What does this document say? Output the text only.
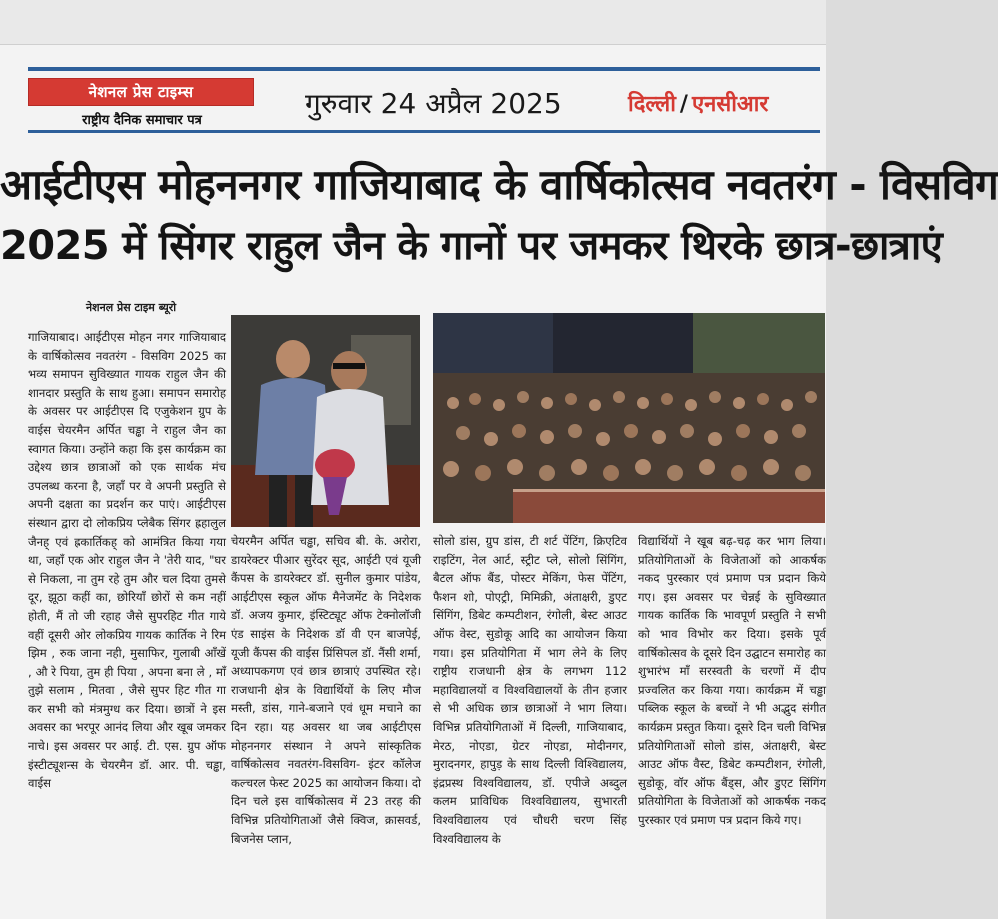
नेशनल प्रेस टाइम्स
राष्ट्रीय दैनिक समाचार पत्र
गुरुवार 24 अप्रैल 2025	दिल्ली / एनसीआर
आईटीएस मोहननगर गाजियाबाद के वार्षिकोत्सव नवतरंग - विसविग
2025 में सिंगर राहुल जैन के गानों पर जमकर थिरके छात्र-छात्राएं
नेशनल प्रेस टाइम ब्यूरो

गाजियाबाद। आईटीएस मोहन नगर गाजियाबाद के वार्षिकोत्सव नवतरंग - विसविग 2025 का भव्य समापन सुविख्यात गायक राहुल जैन की शानदार प्रस्तुति के साथ हुआ। समापन समारोह के अवसर पर आईटीएस दि एजुकेशन ग्रुप के वाईस चेयरमैन अर्पित चड्ढा ने राहुल जैन का स्वागत किया। उन्होंने कहा कि इस कार्यक्रम का उद्देश्य छात्र छात्राओं को एक सार्थक मंच उपलब्ध करना है, जहाँ पर वे अपनी प्रस्तुति से अपनी दक्षता का प्रदर्शन कर पाएं। आईटीएस संस्थान द्वारा दो लोकप्रिय प्लेबैक सिंगर ह्रहालुल जैनह् एवं ह्रकार्तिकह् को आमंत्रित किया गया था, जहाँ एक ओर राहुल जैन ने 'तेरी याद, "घर से निकला, ना तुम रहे तुम और चल दिया तुमसे दूर, झूठा कहीं का, छोरियाँ छोरों से कम नहीं होती, मैं तो जी रहाह जैसे सुपरहिट गीत गाये वहीं दूसरी ओर लोकप्रिय गायक कार्तिक ने रिम झिम , रुक जाना नही, मुसाफिर, गुलाबी आँखें , औ रे पिया, तुम ही पिया , अपना बना ले , माँ तुझे सलाम , मितवा , जैसे सुपर हिट गीत गा कर सभी को मंत्रमुग्ध कर दिया। छात्रों ने इस अवसर का भरपूर आनंद लिया और खूब जमकर नाचे। इस अवसर पर आई. टी. एस. ग्रुप ऑफ इंस्टीट्यूशन्स के चेयरमैन डॉ. आर. पी. चड्ढा, वाईस

चेयरमैन अर्पित चड्ढा, सचिव बी. के. अरोरा, डायरेक्टर पीआर सुरेंदर सूद, आईटी एवं यूजी कैंपस के डायरेक्टर डॉ. सुनील कुमार पांडेय, आईटीएस स्कूल ऑफ मैनेजमेंट के निदेशक डॉ. अजय कुमार, इंस्टिट्यूट ऑफ टेक्नोलॉजी एंड साइंस के निदेशक डॉ वी एन बाजपेई, यूजी कैंपस की वाईस प्रिंसिपल डॉ. नैंसी शर्मा, अध्यापकगण एवं छात्र छात्राएं उपस्थित रहे। राजधानी क्षेत्र के विद्यार्थियों के लिए मौज मस्ती, डांस, गाने-बजाने एवं धूम मचाने का दिन रहा। यह अवसर था जब आईटीएस मोहननगर संस्थान ने अपने सांस्कृतिक वार्षिकोत्सव नवतरंग-विसविग- इंटर कॉलेज कल्चरल फेस्ट 2025 का आयोजन किया। दो दिन चले इस वार्षिकोत्सव में 23 तरह की विभिन्न प्रतियोगिताओं जैसे क्विज, क्रासवर्ड, बिजनेस प्लान,

सोलो डांस, ग्रुप डांस, टी शर्ट पेंटिंग, क्रिएटिव राइटिंग, नेल आर्ट, स्ट्रीट प्ले, सोलो सिंगिंग, बैटल ऑफ बैंड, पोस्टर मेकिंग, फेस पेंटिंग, फैशन शो, पोएट्री, मिमिक्री, अंताक्षरी, डुएट सिंगिंग, डिबेट कम्पटीशन, रंगोली, बेस्ट आउट ऑफ वेस्ट, सुडोकू आदि का आयोजन किया गया। इस प्रतियोगिता में भाग लेने के लिए राष्ट्रीय राजधानी क्षेत्र के लगभग 112 महाविद्यालयों व विश्वविद्यालयों के तीन हजार से भी अधिक छात्र छात्राओं ने भाग लिया। विभिन्न प्रतियोगिताओं में दिल्ली, गाजियाबाद, मेरठ, नोएडा, ग्रेटर नोएडा, मोदीनगर, मुरादनगर, हापुड़ के साथ दिल्ली विश्विद्यालय, इंद्रप्रस्थ विश्वविद्यालय, डॉ. एपीजे अब्दुल कलम प्राविधिक विश्वविद्यालय, सुभारती विश्वविद्यालय एवं चौधरी चरण सिंह विश्वविद्यालय के

विद्यार्थियों ने खूब बढ़-चढ़ कर भाग लिया। प्रतियोगिताओं के विजेताओं को आकर्षक नकद पुरस्कार एवं प्रमाण पत्र प्रदान किये गए। इस अवसर पर चेन्नई के सुविख्यात गायक कार्तिक कि भावपूर्ण प्रस्तुति ने सभी को भाव विभोर कर दिया। इसके पूर्व वार्षिकोत्सव के दूसरे दिन उद्घाटन समारोह का शुभारंभ माँ सरस्वती के चरणों में दीप प्रज्वलित कर किया गया। कार्यक्रम में चड्ढा पब्लिक स्कूल के बच्चों ने भी अद्भुद संगीत कार्यक्रम प्रस्तुत किया। दूसरे दिन चली विभिन्न प्रतियोगिताओं सोलो डांस, अंताक्षरी, बेस्ट आउट ऑफ वैस्ट, डिबेट कम्पटीशन, रंगोली, सुडोकू, वॉर ऑफ बैंड्स, और डुएट सिंगिंग प्रतियोगिता के विजेताओं को आकर्षक नकद पुरस्कार एवं प्रमाण पत्र प्रदान किये गए।
